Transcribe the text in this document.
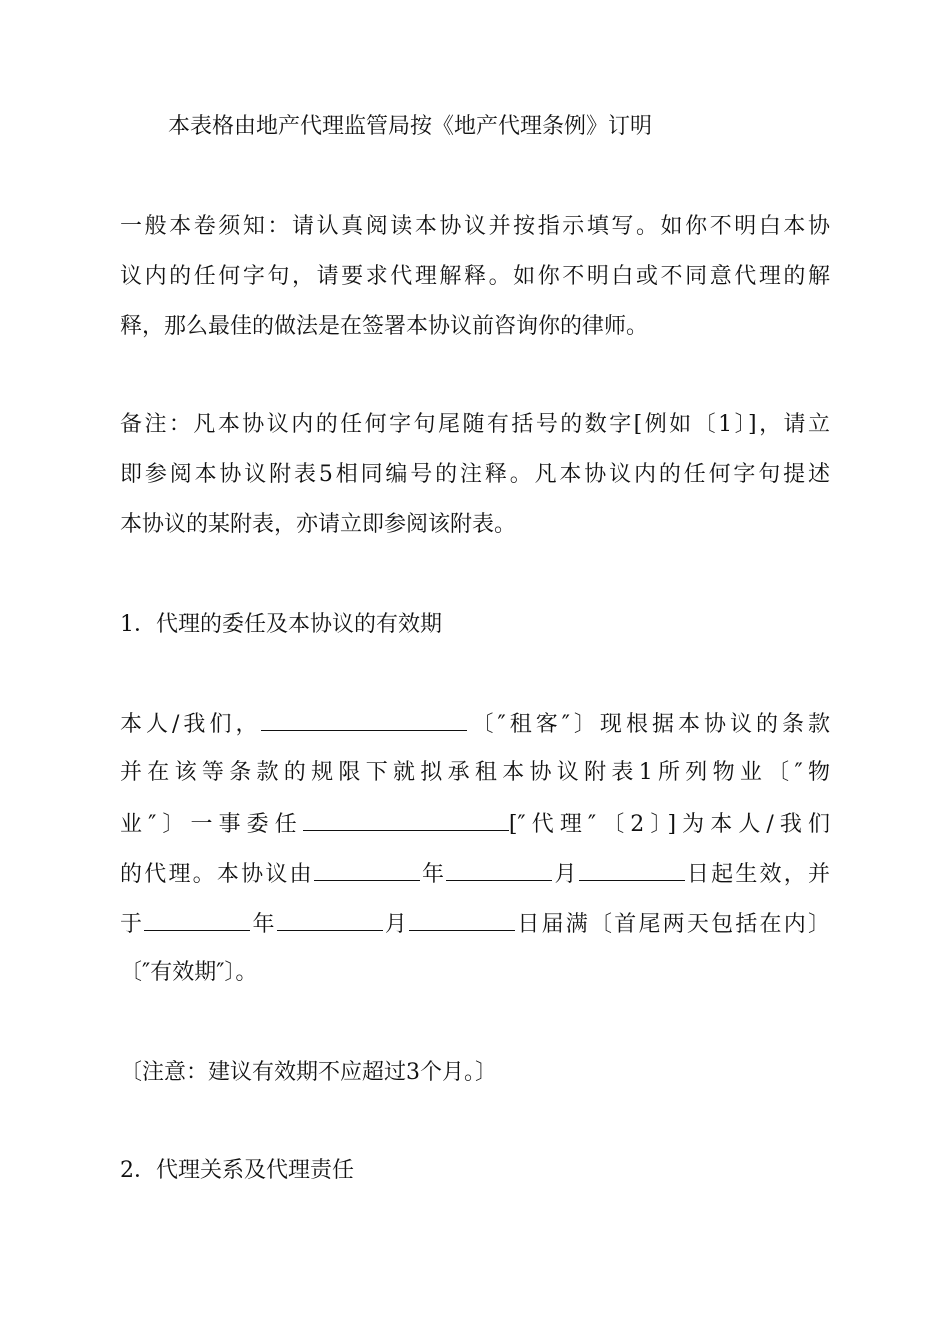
本表格由地产代理监管局按《地产代理条例》订明
一般本卷须知：请认真阅读本协议并按指示填写。如你不明白本协
议内的任何字句，请要求代理解释。如你不明白或不同意代理的解
释，那么最佳的做法是在签署本协议前咨询你的律师。
备注：凡本协议内的任何字句尾随有括号的数字[例如〔1〕]，请立
即参阅本协议附表5相同编号的注释。凡本协议内的任何字句提述
本协议的某附表，亦请立即参阅该附表。
1．代理的委任及本协议的有效期
本人/我们，	〔″租客″〕现根据本协议的条款
并在该等条款的规限下就拟承租本协议附表1所列物业〔″物
业″〕一事委任	[″代理″〔2〕]为本人/我们
的代理。本协议由	年	月	日起生效，并
于	年	月	日届满〔首尾两天包括在内〕
〔″有效期″〕。
〔注意：建议有效期不应超过3个月。〕
2．代理关系及代理责任
